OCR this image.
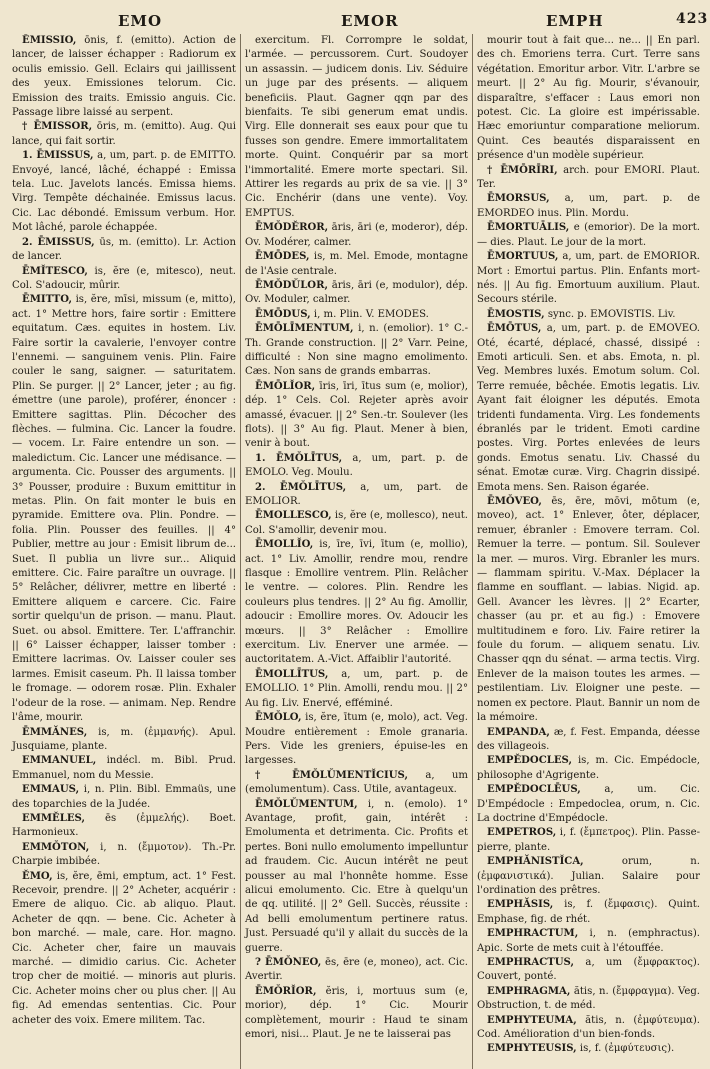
EMO	EMOR	EMPH	423

ĒMISSIO, ōnis, f. (emitto). Action de lancer, de laisser échapper : Radiorum ex oculis emissio. Gell. Eclairs qui jaillissent des yeux. Emissiones telorum. Cic. Emission des traits. Emissio anguis. Cic. Passage libre laissé au serpent.

† ĒMISSOR, ōris, m. (emitto). Aug. Qui lance, qui fait sortir.

1. ĒMISSUS, a, um, part. p. de EMITTO. Envoyé, lancé, lâché, échappé : Emissa tela. Luc. Javelots lancés. Emissa hiems. Virg. Tempête déchainée. Emissus lacus. Cic. Lac débondé. Emissum verbum. Hor. Mot lâché, parole échappée.

2. ĒMISSUS, ūs, m. (emitto). Lr. Action de lancer.

ĒMĬTESCO, is, ĕre (e, mitesco), neut. Col. S'adoucir, mûrir.

ĒMITTO, is, ĕre, mīsi, missum (e, mitto), act. 1° Mettre hors, faire sortir : Emittere equitatum. Cæs. equites in hostem. Liv. Faire sortir la cavalerie, l'envoyer contre l'ennemi. — sanguinem venis. Plin. Faire couler le sang, saigner. — saturitatem. Plin. Se purger. || 2° Lancer, jeter ; au fig. émettre (une parole), proférer, énoncer : Emittere sagittas. Plin. Décocher des flèches. — fulmina. Cic. Lancer la foudre. — vocem. Lr. Faire entendre un son. — maledictum. Cic. Lancer une médisance. — argumenta. Cic. Pousser des arguments. || 3° Pousser, produire : Buxum emittitur in metas. Plin. On fait monter le buis en pyramide. Emittere ova. Plin. Pondre. — folia. Plin. Pousser des feuilles. || 4° Publier, mettre au jour : Emisit librum de... Suet. Il publia un livre sur... Aliquid emittere. Cic. Faire paraître un ouvrage. || 5° Relâcher, délivrer, mettre en liberté : Emittere aliquem e carcere. Cic. Faire sortir quelqu'un de prison. — manu. Plaut. Suet. ou absol. Emittere. Ter. L'affranchir. || 6° Laisser échapper, laisser tomber : Emittere lacrimas. Ov. Laisser couler ses larmes. Emisit caseum. Ph. Il laissa tomber le fromage. — odorem rosæ. Plin. Exhaler l'odeur de la rose. — animam. Nep. Rendre l'âme, mourir.

ĒMMĂNES, is, m. (ἐμμανής). Apul. Jusquiame, plante.

EMMANUEL, indécl. m. Bibl. Prud. Emmanuel, nom du Messie.

EMMAUS, i, n. Plin. Bibl. Emmaüs, une des toparchies de la Judée.

EMMĔLES, ēs (ἐμμελής). Boet. Harmonieux.

EMMŎTON, i, n. (ἔμμοτον). Th.-Pr. Charpie imbibée.

ĔMO, is, ĕre, ēmi, emptum, act. 1° Fest. Recevoir, prendre. || 2° Acheter, acquérir : Emere de aliquo. Cic. ab aliquo. Plaut. Acheter de qqn. — bene. Cic. Acheter à bon marché. — male, care. Hor. magno. Cic. Acheter cher, faire un mauvais marché. — dimidio carius. Cic. Acheter trop cher de moitié. — minoris aut pluris. Cic. Acheter moins cher ou plus cher. || Au fig. Ad emendas sententias. Cic. Pour acheter des voix. Emere militem. Tac.

exercitum. Fl. Corrompre le soldat, l'armée. — percussorem. Curt. Soudoyer un assassin. — judicem donis. Liv. Séduire un juge par des présents. — aliquem beneficiis. Plaut. Gagner qqn par des bienfaits. Te sibi generum emat undis. Virg. Elle donnerait ses eaux pour que tu fusses son gendre. Emere immortalitatem morte. Quint. Conquérir par sa mort l'immortalité. Emere morte spectari. Sil. Attirer les regards au prix de sa vie. || 3° Cic. Enchérir (dans une vente). Voy. EMPTUS.

ĒMŎDĔROR, āris, āri (e, moderor), dép. Ov. Modérer, calmer.

ĒMŌDES, is, m. Mel. Emode, montagne de l'Asie centrale.

ĒMŎDŬLOR, āris, āri (e, modulor), dép. Ov. Moduler, calmer.

ĒMŌDUS, i, m. Plin. V. EMODES.

ĒMŌLĪMENTUM, i, n. (emolior). 1° C.-Th. Grande construction. || 2° Varr. Peine, difficulté : Non sine magno emolimento. Cæs. Non sans de grands embarras.

ĒMŌLĬOR, īris, īri, ītus sum (e, molior), dép. 1° Cels. Col. Rejeter après avoir amassé, évacuer. || 2° Sen.-tr. Soulever (les flots). || 3° Au fig. Plaut. Mener à bien, venir à bout.

1. ĒMŎLĪTUS, a, um, part. p. de EMOLO. Veg. Moulu.

2. ĒMŎLĪTUS, a, um, part. de EMOLIOR.

ĒMOLLESCO, is, ĕre (e, mollesco), neut. Col. S'amollir, devenir mou.

ĒMOLLĬO, is, īre, īvi, ītum (e, mollio), act. 1° Liv. Amollir, rendre mou, rendre flasque : Emollire ventrem. Plin. Relâcher le ventre. — colores. Plin. Rendre les couleurs plus tendres. || 2° Au fig. Amollir, adoucir : Emollire mores. Ov. Adoucir les mœurs. || 3° Relâcher : Emollire exercitum. Liv. Enerver une armée. — auctoritatem. A.-Vict. Affaiblir l'autorité.

ĒMOLLĪTUS, a, um, part. p. de EMOLLIO. 1° Plin. Amolli, rendu mou. || 2° Au fig. Liv. Enervé, efféminé.

ĒMŎLO, is, ĕre, ītum (e, molo), act. Veg. Moudre entièrement : Emole granaria. Pers. Vide les greniers, épuise-les en largesses.

† ĒMŎLŬMENTĬCIUS, a, um (emolumentum). Cass. Utile, avantageux.

ĒMŎLŬMENTUM, i, n. (emolo). 1° Avantage, profit, gain, intérêt : Emolumenta et detrimenta. Cic. Profits et pertes. Boni nullo emolumento impelluntur ad fraudem. Cic. Aucun intérêt ne peut pousser au mal l'honnête homme. Esse alicui emolumento. Cic. Etre à quelqu'un de qq. utilité. || 2° Gell. Succès, réussite : Ad belli emolumentum pertinere ratus. Just. Persuadé qu'il y allait du succès de la guerre.

? ĒMŎNEO, ēs, ēre (e, moneo), act. Cic. Avertir.

ĒMŎRĬOR, ĕris, i, mortuus sum (e, morior), dép. 1° Cic. Mourir complètement, mourir : Haud te sinam emori, nisi... Plaut. Je ne te laisserai pas

mourir tout à fait que... ne... || En parl. des ch. Emoriens terra. Curt. Terre sans végétation. Emoritur arbor. Vitr. L'arbre se meurt. || 2° Au fig. Mourir, s'évanouir, disparaître, s'effacer : Laus emori non potest. Cic. La gloire est impérissable. Hæc emoriuntur comparatione meliorum. Quint. Ces beautés disparaissent en présence d'un modèle supérieur.

† ĒMŌRĪRI, arch. pour EMORI. Plaut. Ter.

ĒMORSUS, a, um, part. p. de EMORDEO inus. Plin. Mordu.

ĒMORTUĀLIS, e (emorior). De la mort. — dies. Plaut. Le jour de la mort.

ĒMORTUUS, a, um, part. de EMORIOR. Mort : Emortui partus. Plin. Enfants mort-nés. || Au fig. Emortuum auxilium. Plaut. Secours stérile.

ĒMOSTIS, sync. p. EMOVISTIS. Liv.

ĒMŌTUS, a, um, part. p. de EMOVEO. Oté, écarté, déplacé, chassé, dissipé : Emoti articuli. Sen. et abs. Emota, n. pl. Veg. Membres luxés. Emotum solum. Col. Terre remuée, bêchée. Emotis legatis. Liv. Ayant fait éloigner les députés. Emota tridenti fundamenta. Virg. Les fondements ébranlés par le trident. Emoti cardine postes. Virg. Portes enlevées de leurs gonds. Emotus senatu. Liv. Chassé du sénat. Emotæ curæ. Virg. Chagrin dissipé. Emota mens. Sen. Raison égarée.

ĒMŎVEO, ēs, ēre, mōvi, mōtum (e, moveo), act. 1° Enlever, ôter, déplacer, remuer, ébranler : Emovere terram. Col. Remuer la terre. — pontum. Sil. Soulever la mer. — muros. Virg. Ebranler les murs. — flammam spiritu. V.-Max. Déplacer la flamme en soufflant. — labias. Nigid. ap. Gell. Avancer les lèvres. || 2° Ecarter, chasser (au pr. et au fig.) : Emovere multitudinem e foro. Liv. Faire retirer la foule du forum. — aliquem senatu. Liv. Chasser qqn du sénat. — arma tectis. Virg. Enlever de la maison toutes les armes. — pestilentiam. Liv. Eloigner une peste. — nomen ex pectore. Plaut. Bannir un nom de la mémoire.

EMPANDA, æ, f. Fest. Empanda, déesse des villageois.

EMPĔDOCLES, is, m. Cic. Empédocle, philosophe d'Agrigente.

EMPĔDOCLĒUS, a, um. Cic. D'Empédocle : Empedoclea, orum, n. Cic. La doctrine d'Empédocle.

EMPETROS, i, f. (ἔμπετρος). Plin. Passe-pierre, plante.

EMPHĂNISTĬCA,	orum, n. (ἐμφανιστικά). Julian. Salaire pour l'ordination des prêtres.

EMPHĂSIS, is, f. (ἔμφασις). Quint. Emphase, fig. de rhét.

EMPHRACTUM, i, n. (emphractus). Apic. Sorte de mets cuit à l'étouffée.

EMPHRACTUS, a, um (ἔμφρακτος). Couvert, ponté.

EMPHRAGMA, ătis, n. (ἔμφραγμα). Veg. Obstruction, t. de méd.

EMPHYTEUMA, ătis, n. (ἐμφύτευμα). Cod. Amélioration d'un bien-fonds.

EMPHYTEUSIS, is, f. (ἐμφύτευσις).
